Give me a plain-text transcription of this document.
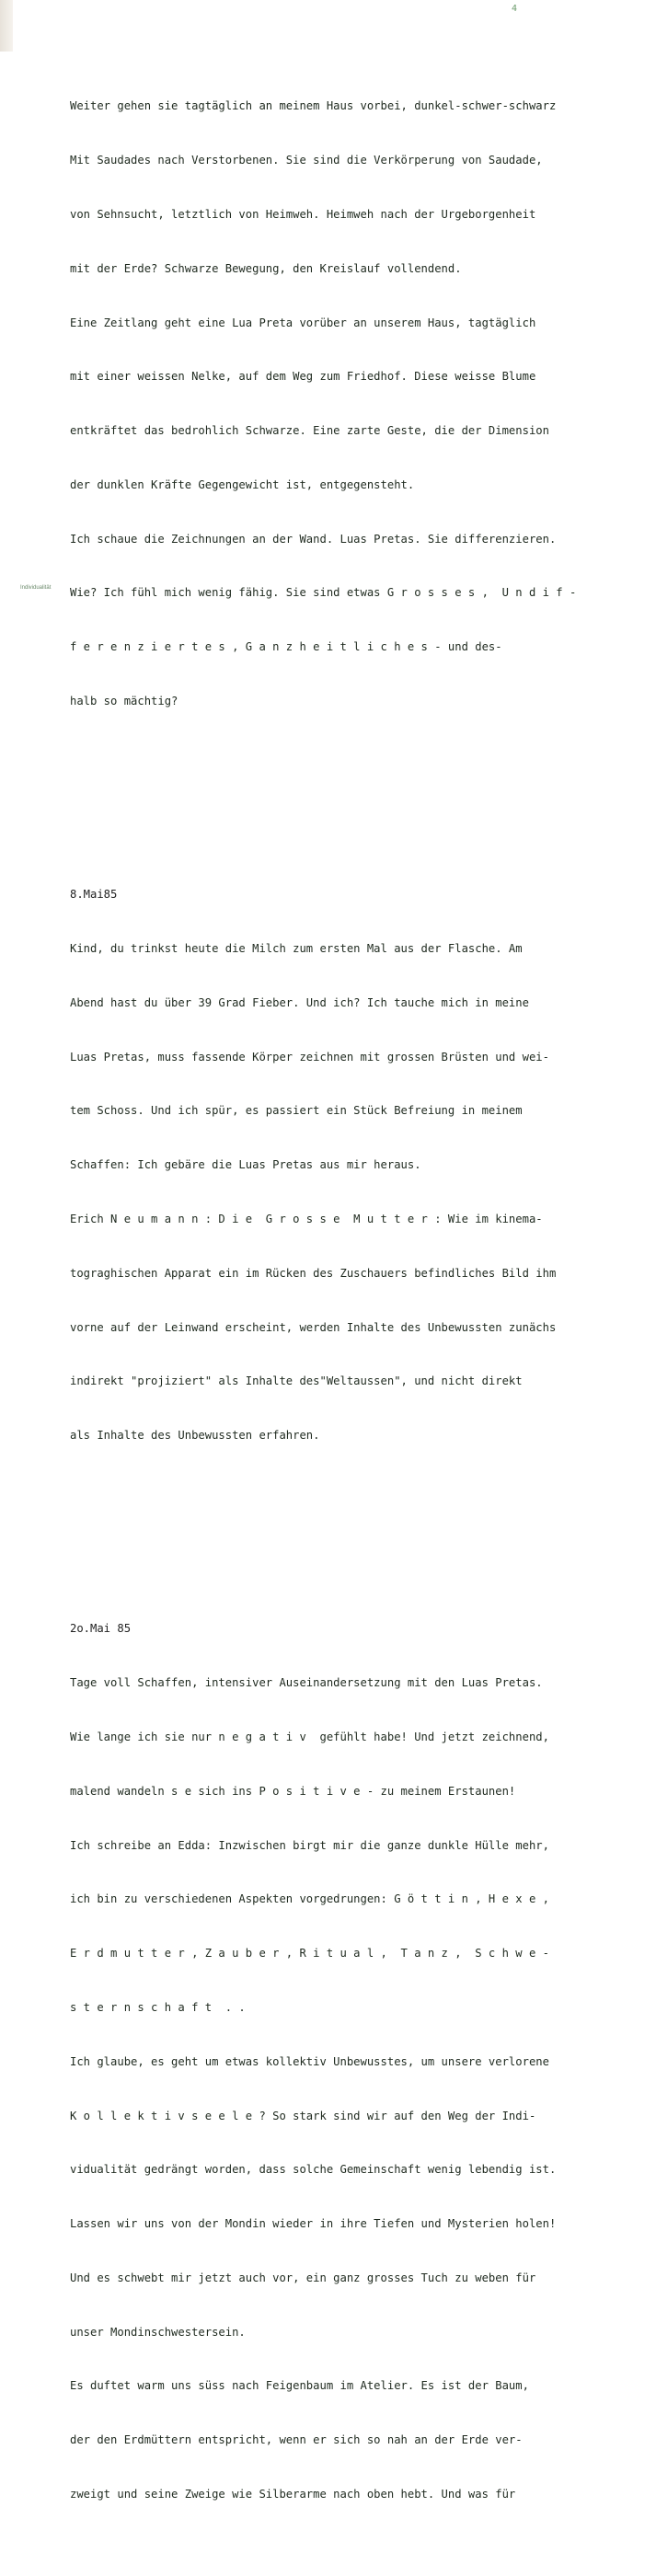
4
Individualität

Weiter gehen sie tagtäglich an meinem Haus vorbei, dunkel-schwer-schwarz

Mit Saudades nach Verstorbenen. Sie sind die Verkörperung von Saudade,

von Sehnsucht, letztlich von Heimweh. Heimweh nach der Urgeborgenheit

mit der Erde? Schwarze Bewegung, den Kreislauf vollendend.

Eine Zeitlang geht eine Lua Preta vorüber an unserem Haus, tagtäglich

mit einer weissen Nelke, auf dem Weg zum Friedhof. Diese weisse Blume

entkräftet das bedrohlich Schwarze. Eine zarte Geste, die der Dimension

der dunklen Kräfte Gegengewicht ist, entgegensteht.

Ich schaue die Zeichnungen an der Wand. Luas Pretas. Sie differenzieren.

Wie? Ich fühl mich wenig fähig. Sie sind etwas G r o s s e s ,  U n d i f -

f e r e n z i e r t e s , G a n z h e i t l i c h e s - und des-

halb so mächtig?

8.Mai85

Kind, du trinkst heute die Milch zum ersten Mal aus der Flasche. Am

Abend hast du über 39 Grad Fieber. Und ich? Ich tauche mich in meine

Luas Pretas, muss fassende Körper zeichnen mit grossen Brüsten und wei-

tem Schoss. Und ich spür, es passiert ein Stück Befreiung in meinem

Schaffen: Ich gebäre die Luas Pretas aus mir heraus.

Erich N e u m a n n : D i e  G r o s s e  M u t t e r : Wie im kinema-

tograghischen Apparat ein im Rücken des Zuschauers befindliches Bild ihm

vorne auf der Leinwand erscheint, werden Inhalte des Unbewussten zunächs

indirekt "projiziert" als Inhalte des"Weltaussen", und nicht direkt

als Inhalte des Unbewussten erfahren.

2o.Mai 85

Tage voll Schaffen, intensiver Auseinandersetzung mit den Luas Pretas.

Wie lange ich sie nur n e g a t i v  gefühlt habe! Und jetzt zeichnend,

malend wandeln s e sich ins P o s i t i v e - zu meinem Erstaunen!

Ich schreibe an Edda: Inzwischen birgt mir die ganze dunkle Hülle mehr,

ich bin zu verschiedenen Aspekten vorgedrungen: G ö t t i n , H e x e ,

E r d m u t t e r , Z a u b e r , R i t u a l ,  T a n z ,  S c h w e -

s t e r n s c h a f t  . .

Ich glaube, es geht um etwas kollektiv Unbewusstes, um unsere verlorene

K o l l e k t i v s e e l e ? So stark sind wir auf den Weg der Indi-

vidualität gedrängt worden, dass solche Gemeinschaft wenig lebendig ist.

Lassen wir uns von der Mondin wieder in ihre Tiefen und Mysterien holen!

Und es schwebt mir jetzt auch vor, ein ganz grosses Tuch zu weben für

unser Mondinschwestersein.

Es duftet warm uns süss nach Feigenbaum im Atelier. Es ist der Baum,

der den Erdmüttern entspricht, wenn er sich so nah an der Erde ver-

zweigt und seine Zweige wie Silberarme nach oben hebt. Und was für
